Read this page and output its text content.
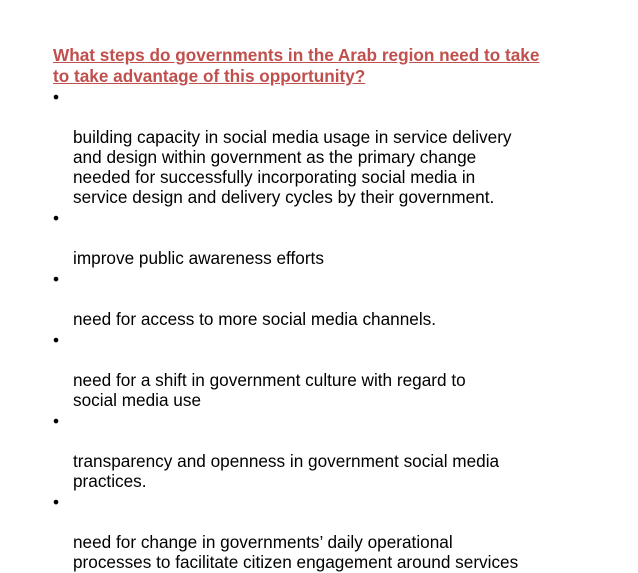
What steps do governments in the Arab region need to take
to take advantage of this opportunity?

•

building capacity in social media usage in service delivery
and design within government as the primary change
needed for successfully incorporating social media in
service design and delivery cycles by their government.

•

improve public awareness efforts

•

need for access to more social media channels.

•

need for a shift in government culture with regard to
social media use

•

transparency and openness in government social media
practices.

•

need for change in governments’ daily operational
processes to facilitate citizen engagement around services
